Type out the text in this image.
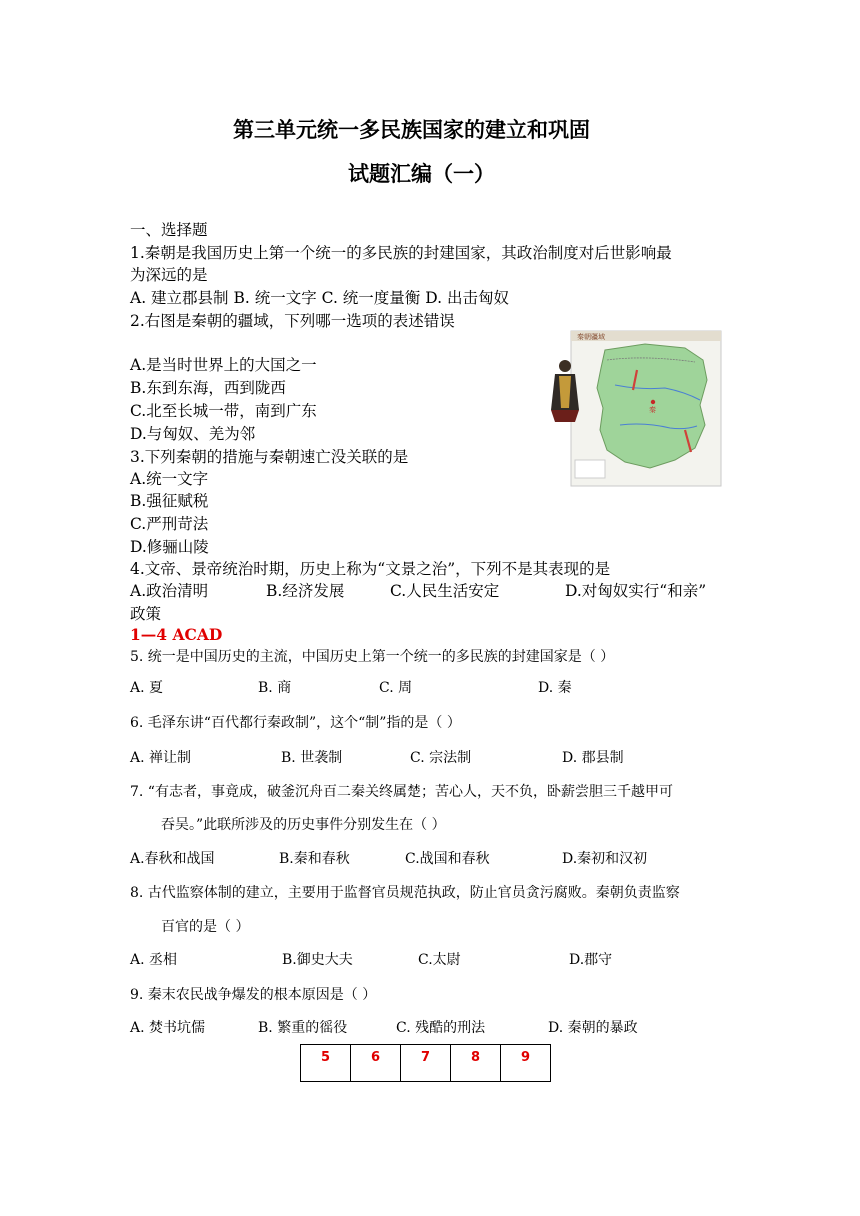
第三单元统一多民族国家的建立和巩固
试题汇编（一）
一、选择题
1.秦朝是我国历史上第一个统一的多民族的封建国家，其政治制度对后世影响最
为深远的是
A. 建立郡县制 B. 统一文字 C. 统一度量衡 D. 出击匈奴
2.右图是秦朝的疆域，下列哪一选项的表述错误
A.是当时世界上的大国之一
B.东到东海，西到陇西
C.北至长城一带，南到广东
D.与匈奴、羌为邻
秦朝疆域
秦
3.下列秦朝的措施与秦朝速亡没关联的是
A.统一文字
B.强征赋税
C.严刑苛法
D.修骊山陵
4.文帝、景帝统治时期，历史上称为“文景之治”，下列不是其表现的是
A.政治清明	B.经济发展	C.人民生活安定	D.对匈奴实行“和亲”
政策
1—4 ACAD
5. 统一是中国历史的主流，中国历史上第一个统一的多民族的封建国家是（ ）
A. 夏	B. 商	C. 周	D. 秦
6. 毛泽东讲“百代都行秦政制”，这个“制”指的是（ ）
A. 禅让制	B. 世袭制	C. 宗法制	D. 郡县制
7. “有志者，事竟成，破釜沉舟百二秦关终属楚；苦心人，天不负，卧薪尝胆三千越甲可
吞吴。”此联所涉及的历史事件分别发生在（ ）
A.春秋和战国	B.秦和春秋	C.战国和春秋	D.秦初和汉初
8. 古代监察体制的建立，主要用于监督官员规范执政，防止官员贪污腐败。秦朝负责监察
百官的是（ ）
A. 丞相	B.御史大夫	C.太尉	D.郡守
9. 秦末农民战争爆发的根本原因是（ ）
A. 焚书坑儒	B. 繁重的徭役	C. 残酷的刑法	D. 秦朝的暴政
5	6	7	8	9
